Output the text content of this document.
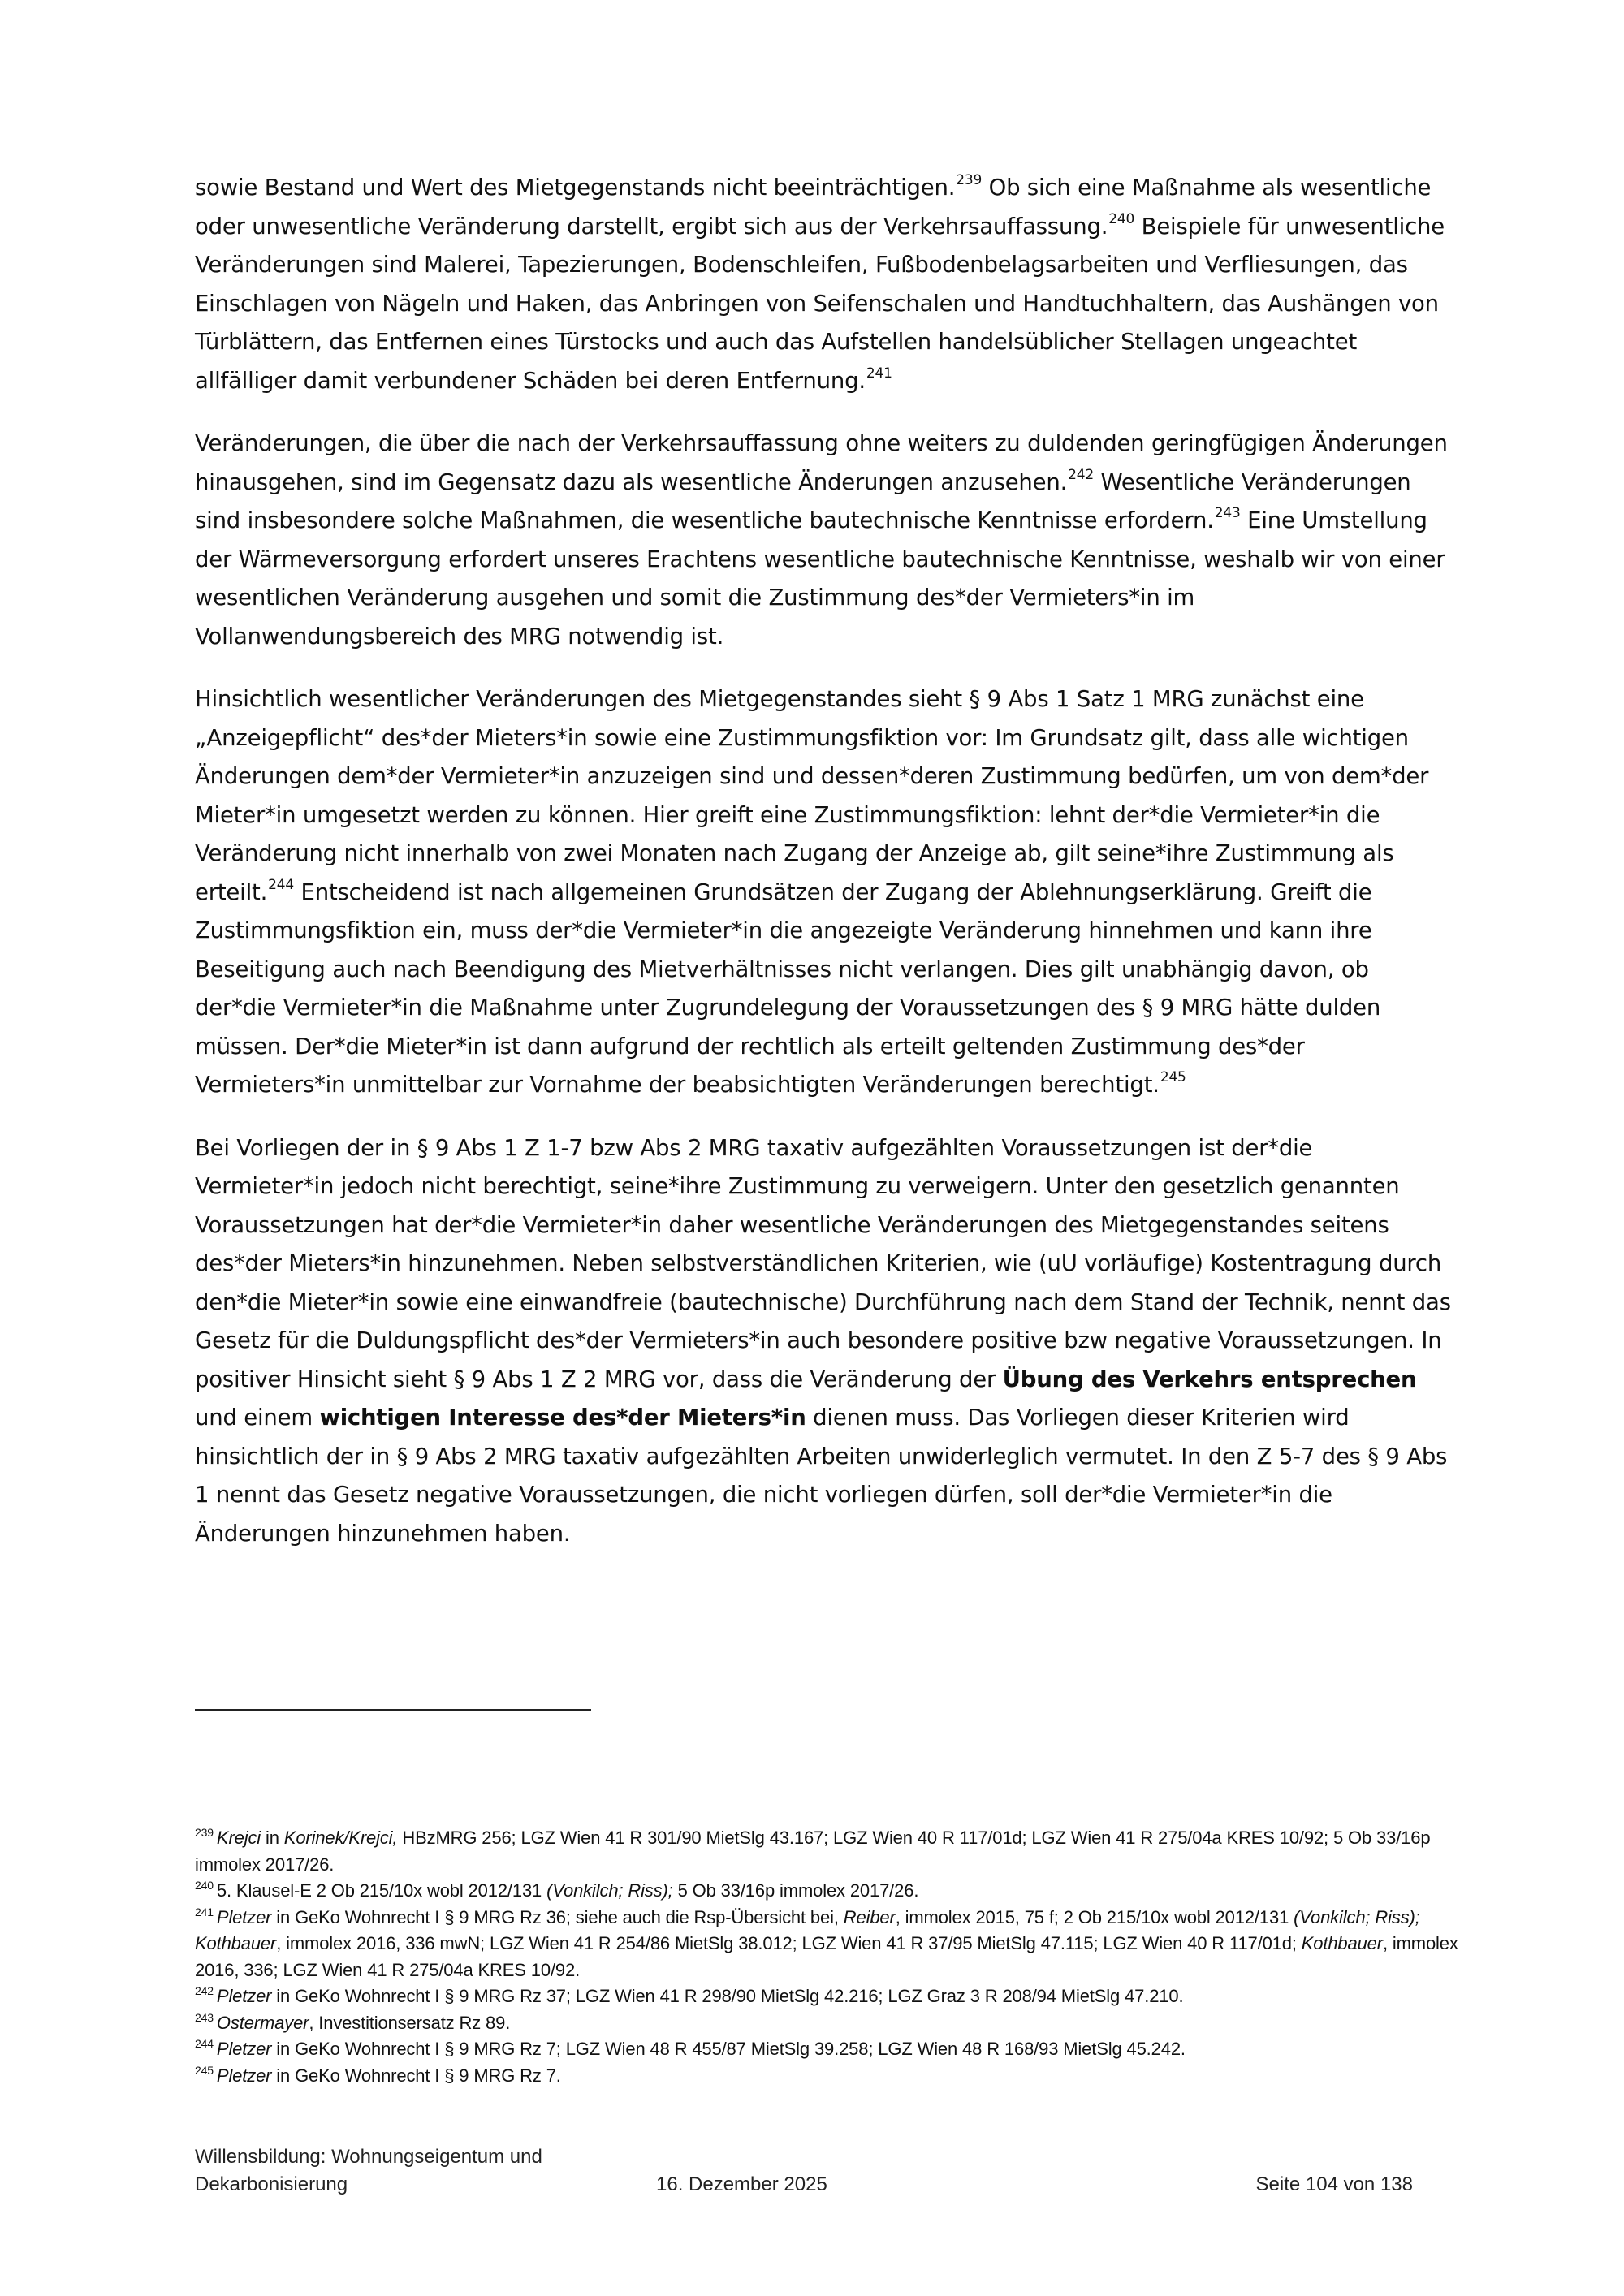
sowie Bestand und Wert des Mietgegenstands nicht beeinträchtigen.$^{239}$ Ob sich eine Maßnahme als wesentliche oder unwesentliche Veränderung darstellt, ergibt sich aus der Verkehrsauffassung.$^{240}$ Beispiele für unwesentliche Veränderungen sind Malerei, Tapezierungen, Bodenschleifen, Fußbodenbelagsarbeiten und Verfliesungen, das Einschlagen von Nägeln und Haken, das Anbringen von Seifenschalen und Handtuchhaltern, das Aushängen von Türblättern, das Entfernen eines Türstocks und auch das Aufstellen handelsüblicher Stellagen ungeachtet allfälliger damit verbundener Schäden bei deren Entfernung.$^{241}$

Veränderungen, die über die nach der Verkehrsauffassung ohne weiters zu duldenden geringfügigen Änderungen hinausgehen, sind im Gegensatz dazu als wesentliche Änderungen anzusehen.$^{242}$ Wesentliche Veränderungen sind insbesondere solche Maßnahmen, die wesentliche bautechnische Kenntnisse erfordern.$^{243}$ Eine Umstellung der Wärmeversorgung erfordert unseres Erachtens wesentliche bautechnische Kenntnisse, weshalb wir von einer wesentlichen Veränderung ausgehen und somit die Zustimmung des*der Vermieters*in im Vollanwendungsbereich des MRG notwendig ist.

Hinsichtlich wesentlicher Veränderungen des Mietgegenstandes sieht § 9 Abs 1 Satz 1 MRG zunächst eine „Anzeigepflicht“ des*der Mieters*in sowie eine Zustimmungsfiktion vor: Im Grundsatz gilt, dass alle wichtigen Änderungen dem*der Vermieter*in anzuzeigen sind und dessen*deren Zustimmung bedürfen, um von dem*der Mieter*in umgesetzt werden zu können. Hier greift eine Zustimmungsfiktion: lehnt der*die Vermieter*in die Veränderung nicht innerhalb von zwei Monaten nach Zugang der Anzeige ab, gilt seine*ihre Zustimmung als erteilt.$^{244}$ Entscheidend ist nach allgemeinen Grundsätzen der Zugang der Ablehnungserklärung. Greift die Zustimmungsfiktion ein, muss der*die Vermieter*in die angezeigte Veränderung hinnehmen und kann ihre Beseitigung auch nach Beendigung des Mietverhältnisses nicht verlangen. Dies gilt unabhängig davon, ob der*die Vermieter*in die Maßnahme unter Zugrundelegung der Voraussetzungen des § 9 MRG hätte dulden müssen. Der*die Mieter*in ist dann aufgrund der rechtlich als erteilt geltenden Zustimmung des*der Vermieters*in unmittelbar zur Vornahme der beabsichtigten Veränderungen berechtigt.$^{245}$

Bei Vorliegen der in § 9 Abs 1 Z 1-7 bzw Abs 2 MRG taxativ aufgezählten Voraussetzungen ist der*die Vermieter*in jedoch nicht berechtigt, seine*ihre Zustimmung zu verweigern. Unter den gesetzlich genannten Voraussetzungen hat der*die Vermieter*in daher wesentliche Veränderungen des Mietgegenstandes seitens des*der Mieters*in hinzunehmen. Neben selbstverständlichen Kriterien, wie (uU vorläufige) Kostentragung durch den*die Mieter*in sowie eine einwandfreie (bautechnische) Durchführung nach dem Stand der Technik, nennt das Gesetz für die Duldungspflicht des*der Vermieters*in auch besondere positive bzw negative Voraussetzungen. In positiver Hinsicht sieht § 9 Abs 1 Z 2 MRG vor, dass die Veränderung der Übung des Verkehrs entsprechen und einem wichtigen Interesse des*der Mieters*in dienen muss. Das Vorliegen dieser Kriterien wird hinsichtlich der in § 9 Abs 2 MRG taxativ aufgezählten Arbeiten unwiderleglich vermutet. In den Z 5-7 des § 9 Abs 1 nennt das Gesetz negative Voraussetzungen, die nicht vorliegen dürfen, soll der*die Vermieter*in die Änderungen hinzunehmen haben.

$^{239}$ Krejci in Korinek/Krejci, HBzMRG 256; LGZ Wien 41 R 301/90 MietSlg 43.167; LGZ Wien 40 R 117/01d; LGZ Wien 41 R 275/04a KRES 10/92; 5 Ob 33/16p immolex 2017/26.

$^{240}$ 5. Klausel-E 2 Ob 215/10x wobl 2012/131 (Vonkilch; Riss); 5 Ob 33/16p immolex 2017/26.

$^{241}$ Pletzer in GeKo Wohnrecht I § 9 MRG Rz 36; siehe auch die Rsp-Übersicht bei, Reiber, immolex 2015, 75 f; 2 Ob 215/10x wobl 2012/131 (Vonkilch; Riss); Kothbauer, immolex 2016, 336 mwN; LGZ Wien 41 R 254/86 MietSlg 38.012; LGZ Wien 41 R 37/95 MietSlg 47.115; LGZ Wien 40 R 117/01d; Kothbauer, immolex 2016, 336; LGZ Wien 41 R 275/04a KRES 10/92.

$^{242}$ Pletzer in GeKo Wohnrecht I § 9 MRG Rz 37; LGZ Wien 41 R 298/90 MietSlg 42.216; LGZ Graz 3 R 208/94 MietSlg 47.210.

$^{243}$ Ostermayer, Investitionsersatz Rz 89.

$^{244}$ Pletzer in GeKo Wohnrecht I § 9 MRG Rz 7; LGZ Wien 48 R 455/87 MietSlg 39.258; LGZ Wien 48 R 168/93 MietSlg 45.242.

$^{245}$ Pletzer in GeKo Wohnrecht I § 9 MRG Rz 7.

Willensbildung: Wohnungseigentum und
Dekarbonisierung	16. Dezember 2025	Seite 104 von 138
